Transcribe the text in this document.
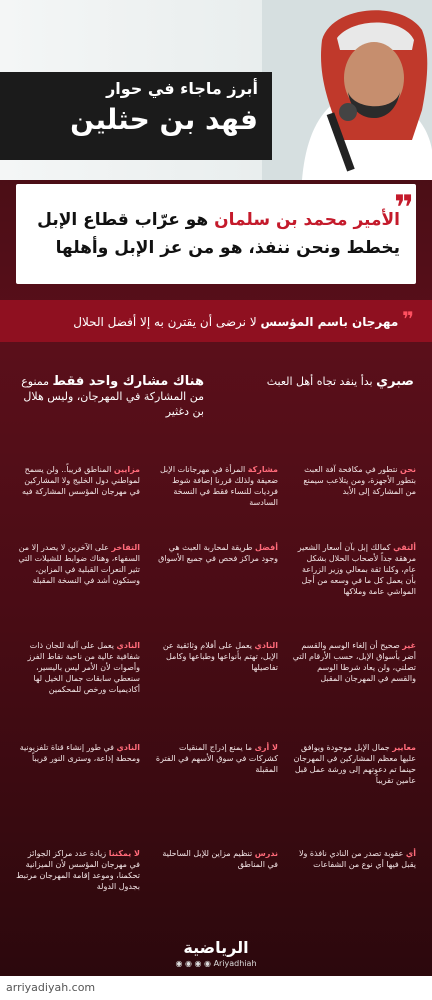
أبرز ماجاء في حوار
فهد بن حثلين
❞
الأمير محمد بن سلمان هو عرّاب قطاع الإبل
يخطط ونحن ننفذ، هو من عز الإبل وأهلها
❞مهرجان باسم المؤسس لا نرضى أن يقترن به إلا أفضل الحلال
صبري بدأ ينفد تجاه أهل العبث
هناك مشارك واحد فقط ممنوع من المشاركة في المهرجان، وليس هلال بن دغثير
نحن نتطور في مكافحة آفة العبث بتطور الأجهزة، ومن يتلاعب سيمنع من المشاركة إلى الأبد
مشاركة المرأة في مهرجانات الإبل ضعيفة ولذلك قررنا إضافة شوط فرديات للنساء فقط في النسخة السادسة
مزايين المناطق قريباً.. ولن يسمح لمواطني دول الخليج ولا المشاركين في مهرجان المؤسس المشاركة فيه
ألتقي كمالك إبل بآن أسعار الشعير مرهقة جداً لأصحاب الحلال بشكل عام، وكلنا ثقة بمعالي وزير الزراعة بأن يعمل كل ما في وسعه من أجل المواشي عامة وملاكها
أفضل طريقة لمحاربة العبث هي وجود مراكز فحص في جميع الأسواق
التفاخر على الآخرين لا يصدر إلا من السفهاء، وهناك ضوابط للشيلات التي تثير النعرات القبلية في المزاين، وستكون أشد في النسخة المقبلة
غير صحيح أن إلغاء الوسم والقسم أضر بأسواق الإبل، حسب الأرقام التي تصلني، ولن يعاد شرطا الوسم والقسم في المهرجان المقبل
النادي يعمل على أفلام وثائقية عن الإبل، تهتم بأنواعها وطباعها وكامل تفاصيلها
النادي يعمل على آلية للجان ذات شفافية عالية من ناحية نقاط الفرز وأصوات لأن الأمر ليس باليسير، سنعطي سابقات جمال الخيل لها أكاديميات ورخص للمحكمين
معايير جمال الإبل موجودة ويوافق عليها معظم المشاركين في المهرجان حينما تم دعوتهم إلى ورشة عمل قبل عامين تقريباً
لا أرى ما يمنع إدراج المنقيات كشركات في سوق الأسهم في الفترة المقبلة
النادي في طور إنشاء قناة تلفزيونية ومحطة إذاعة، وسترى النور قريباً
أي عقوبة تصدر من النادي نافذة ولا يقبل فيها أي نوع من الشفاعات
ندرس تنظيم مزاين للإبل الساحلية في المناطق
لا يمكننا زيادة عدد مراكز الجوائز في مهرجان المؤسس لأن الميزانية تحكمنا، وموعد إقامة المهرجان مرتبط بجدول الدولة
الرياضية
◉ ◉ ◉ ◉ Ariyadhiah
arriyadiyah.com
